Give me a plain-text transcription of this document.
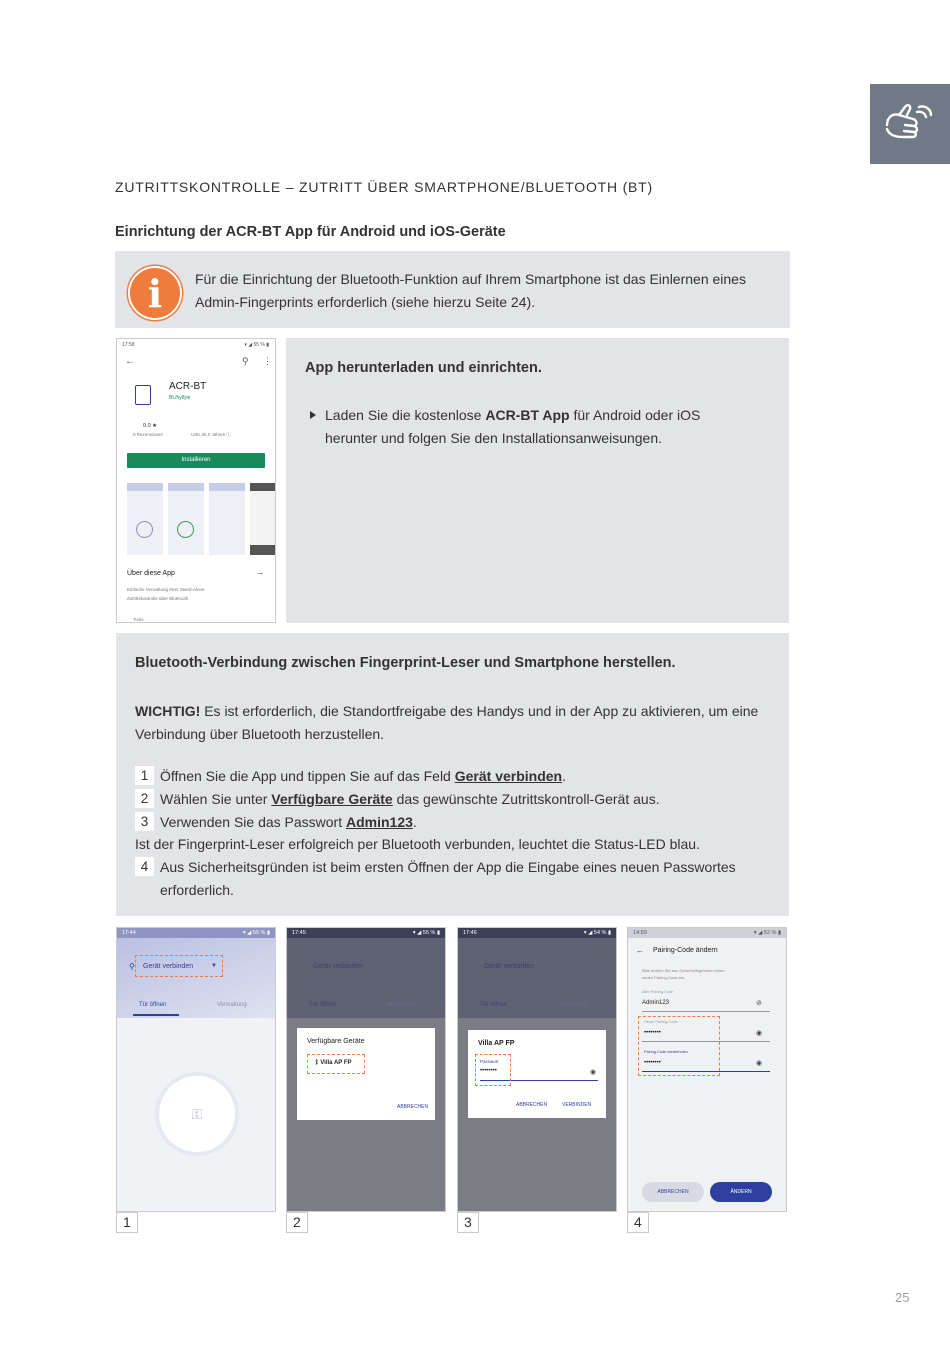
ZUTRITTSKONTROLLE – ZUTRITT ÜBER SMARTPHONE/BLUETOOTH (BT)
Einrichtung der ACR-BT App für Android und iOS-Geräte
i Für die Einrichtung der Bluetooth-Funktion auf Ihrem Smartphone ist das Einlernen eines
Admin-Fingerprints erforderlich (siehe hierzu Seite 24).
17:58	▾ ◢ 55 % ▮
←	⚲ ⋮
ACR-BT
BL/hyllyle
0.0 ★
0 Rezensionen	USK ab 0 Jahren ⓘ
Installieren
Über diese App	→
Einfache Verwaltung Ihrer Stand-Alone
Zutrittskontrolle über Bluetooth
Tools
App herunterladen und einrichten.
Laden Sie die kostenlose ACR-BT App für Android oder iOS
herunter und folgen Sie den Installationsanweisungen.
Bluetooth-Verbindung zwischen Fingerprint-Leser und Smartphone herstellen.
WICHTIG! Es ist erforderlich, die Standortfreigabe des Handys und in der App zu aktivieren, um eine Verbindung über Bluetooth herzustellen.
1 Öffnen Sie die App und tippen Sie auf das Feld Gerät verbinden.
2 Wählen Sie unter Verfügbare Geräte das gewünschte Zutrittskontroll-Gerät aus.
3 Verwenden Sie das Passwort Admin123.
Ist der Fingerprint-Leser erfolgreich per Bluetooth verbunden, leuchtet die Status-LED blau.
4 Aus Sicherheitsgründen ist beim ersten Öffnen der App die Eingabe eines neuen Passwortes erforderlich.
17:44	▾ ◢ 55 % ▮
⚲ Gerät verbinden	▼
Tür öffnen	Verwaltung
⚿
17:45	▾ ◢ 55 % ▮
Gerät verbinden
Tür öffnen	Verwaltung
Verfügbare Geräte
ᛒ Villa AP FP
ABBRECHEN
17:46	▾ ◢ 54 % ▮
Gerät verbinden
Tür öffnen	Verwaltung
Villa AP FP
Passwort
••••••••	◉
ABBRECHEN	VERBINDEN
14:59	▾ ◢ 52 % ▮
← Pairing-Code ändern
Bitte ändern Sie aus Sicherheitsgründen einen
neuen Pairing-Code ein.
Alter Pairing-Code
Admin123	⊘
Neuer Pairing-Code
••••••••	◉
Pairing-Code wiederholen
••••••••	◉
ABBRECHEN	ÄNDERN
1	2	3	4
25
